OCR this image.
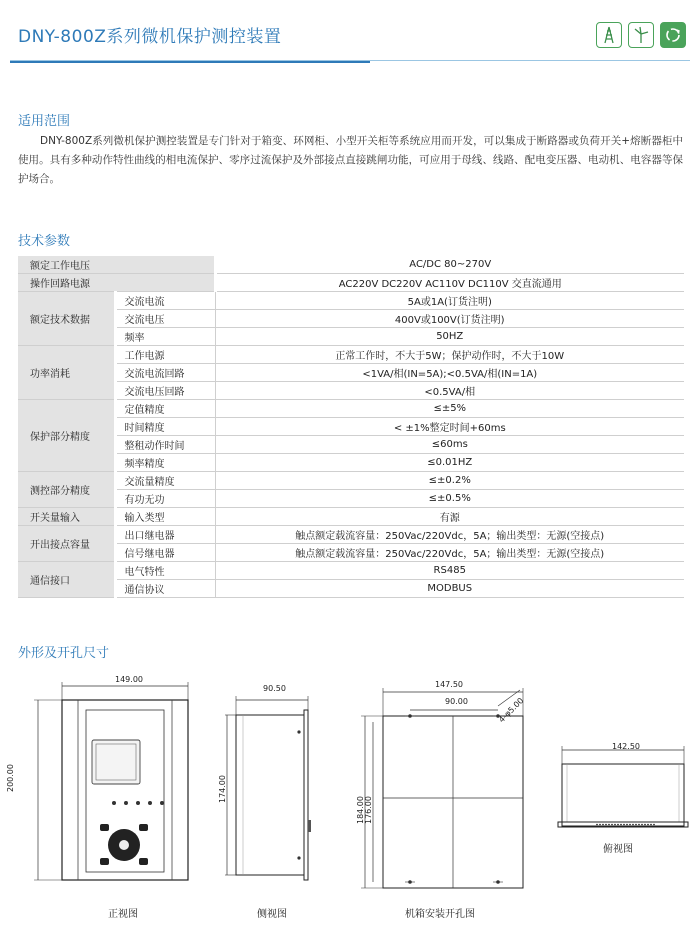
DNY-800Z系列微机保护测控装置
适用范围
DNY-800Z系列微机保护测控装置是专门针对于箱变、环网柜、小型开关柜等系统应用而开发，可以集成于断路器或负荷开关+熔断器柜中使用。具有多种动作特性曲线的相电流保护、零序过流保护及外部接点直接跳闸功能，可应用于母线、线路、配电变压器、电动机、电容器等保护场合。
技术参数
额定工作电压		AC/DC 80~270V
操作回路电源		AC220V DC220V AC110V DC110V 交直流通用
额定技术数据	交流电流	5A或1A(订货注明)
	交流电压	400V或100V(订货注明)
	频率	50HZ
功率消耗	工作电源	正常工作时，不大于5W；保护动作时，不大于10W
	交流电流回路	<1VA/相(IN=5A);<0.5VA/相(IN=1A)
	交流电压回路	<0.5VA/相
保护部分精度	定值精度	≤±5%
	时间精度	< ±1%整定时间+60ms
	整租动作时间	≤60ms
	频率精度	≤0.01HZ
测控部分精度	交流量精度	≤±0.2%
	有功无功	≤±0.5%
开关量输入	输入类型	有源
开出接点容量	出口继电器	触点额定载流容量：250Vac/220Vdc，5A；输出类型：无源(空接点)
	信号继电器	触点额定载流容量：250Vac/220Vdc，5A；输出类型：无源(空接点)
通信接口	电气特性	RS485
	通信协议	MODBUS
外形及开孔尺寸
149.00
200.00
正视图
90.50
174.00
侧视图
147.50
90.00	4-φ5.00
184.00 176.00
机箱安装开孔图
142.50
俯视图
